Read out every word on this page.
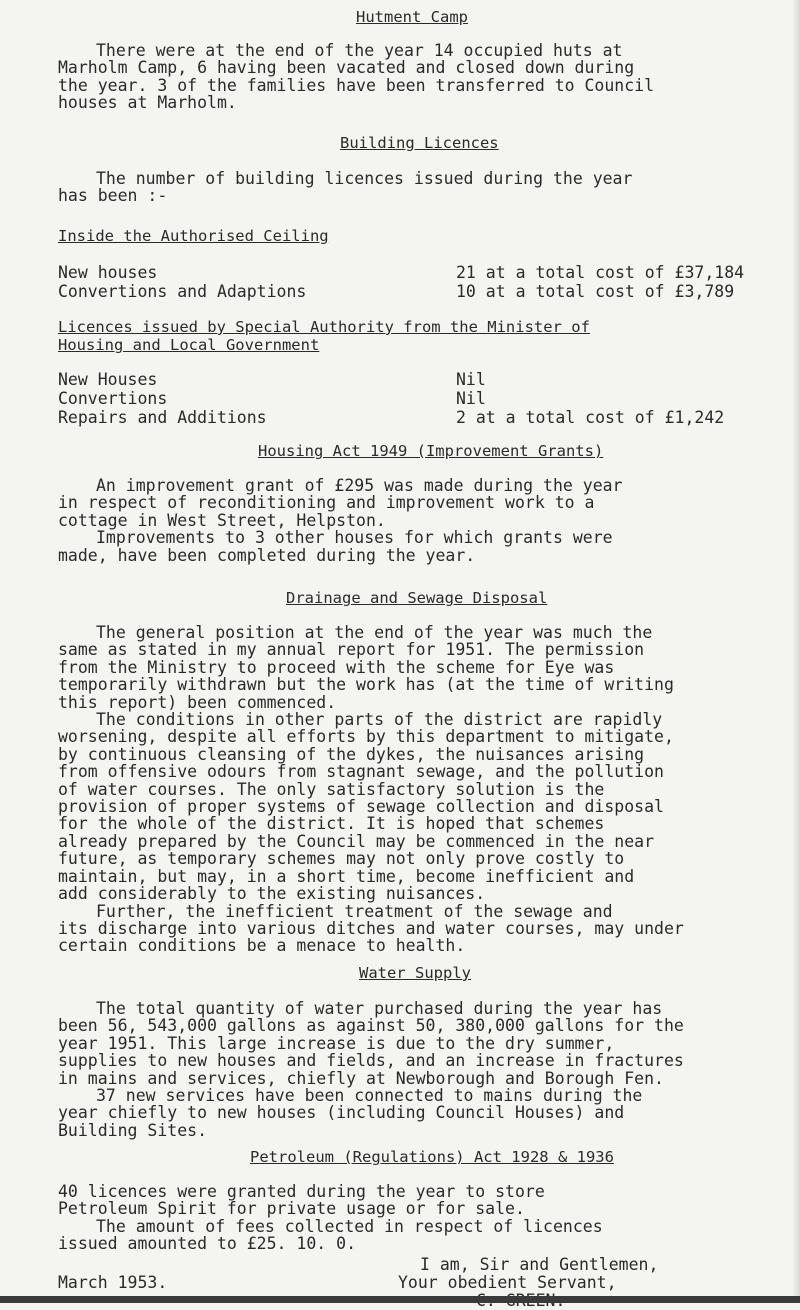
Hutment Camp

There were at the end of the year 14 occupied huts at

Marholm Camp, 6 having been vacated and closed down during

the year. 3 of the families have been transferred to Council

houses at Marholm.

Building Licences

The number of building licences issued during the year

has been :-

Inside the Authorised Ceiling
New houses	21 at a total cost of £37,184
Convertions and Adaptions	10 at a total cost of £3,789
Licences issued by Special Authority from the Minister of
Housing and Local Government
New Houses	Nil
Convertions	Nil
Repairs and Additions	2 at a total cost of £1,242
Housing Act 1949 (Improvement Grants)

An improvement grant of £295 was made during the year

in respect of reconditioning and improvement work to a

cottage in West Street, Helpston.

Improvements to 3 other houses for which grants were

made, have been completed during the year.

Drainage and Sewage Disposal

The general position at the end of the year was much the

same as stated in my annual report for 1951. The permission

from the Ministry to proceed with the scheme for Eye was

temporarily withdrawn but the work has (at the time of writing

this report) been commenced.

The conditions in other parts of the district are rapidly

worsening, despite all efforts by this department to mitigate,

by continuous cleansing of the dykes, the nuisances arising

from offensive odours from stagnant sewage, and the pollution

of water courses. The only satisfactory solution is the

provision of proper systems of sewage collection and disposal

for the whole of the district. It is hoped that schemes

already prepared by the Council may be commenced in the near

future, as temporary schemes may not only prove costly to

maintain, but may, in a short time, become inefficient and

add considerably to the existing nuisances.

Further, the inefficient treatment of the sewage and

its discharge into various ditches and water courses, may under

certain conditions be a menace to health.

Water Supply

The total quantity of water purchased during the year has

been 56, 543,000 gallons as against 50, 380,000 gallons for the

year 1951. This large increase is due to the dry summer,

supplies to new houses and fields, and an increase in fractures

in mains and services, chiefly at Newborough and Borough Fen.

37 new services have been connected to mains during the

year chiefly to new houses (including Council Houses) and

Building Sites.

Petroleum (Regulations) Act 1928 & 1936

40 licences were granted during the year to store

Petroleum Spirit for private usage or for sale.

The amount of fees collected in respect of licences

issued amounted to £25. 10. 0.

I am, Sir and Gentlemen,
March 1953.	Your obedient Servant,
